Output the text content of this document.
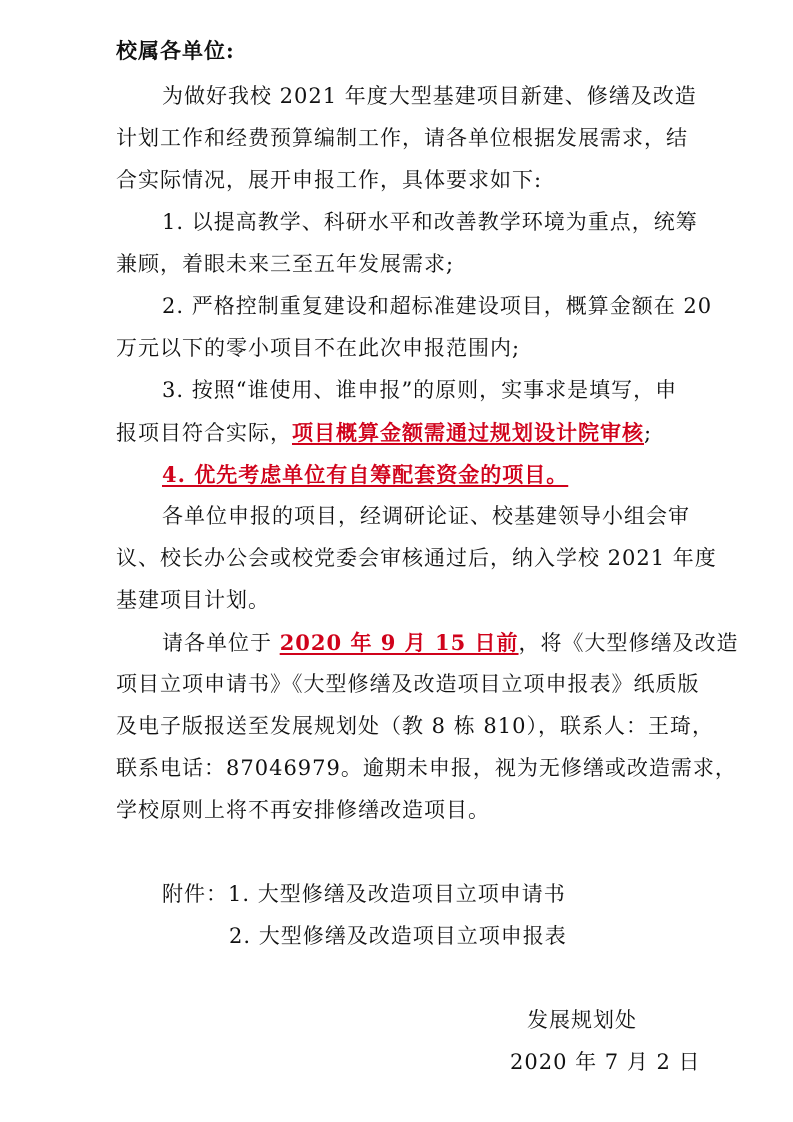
校属各单位:
为做好我校 2021 年度大型基建项目新建、修缮及改造
计划工作和经费预算编制工作，请各单位根据发展需求，结
合实际情况，展开申报工作，具体要求如下:
1. 以提高教学、科研水平和改善教学环境为重点，统筹
兼顾，着眼未来三至五年发展需求;
2. 严格控制重复建设和超标准建设项目，概算金额在 20
万元以下的零小项目不在此次申报范围内;
3. 按照“谁使用、谁申报”的原则，实事求是填写，申
报项目符合实际，项目概算金额需通过规划设计院审核;
4. 优先考虑单位有自筹配套资金的项目。
各单位申报的项目，经调研论证、校基建领导小组会审
议、校长办公会或校党委会审核通过后，纳入学校 2021 年度
基建项目计划。
请各单位于 2020 年 9 月 15 日前，将《大型修缮及改造
项目立项申请书》《大型修缮及改造项目立项申报表》纸质版
及电子版报送至发展规划处（教 8 栋 810），联系人：王琦，
联系电话：87046979。逾期未申报，视为无修缮或改造需求，
学校原则上将不再安排修缮改造项目。
附件：1. 大型修缮及改造项目立项申请书
2. 大型修缮及改造项目立项申报表
发展规划处
2020 年 7 月 2 日
